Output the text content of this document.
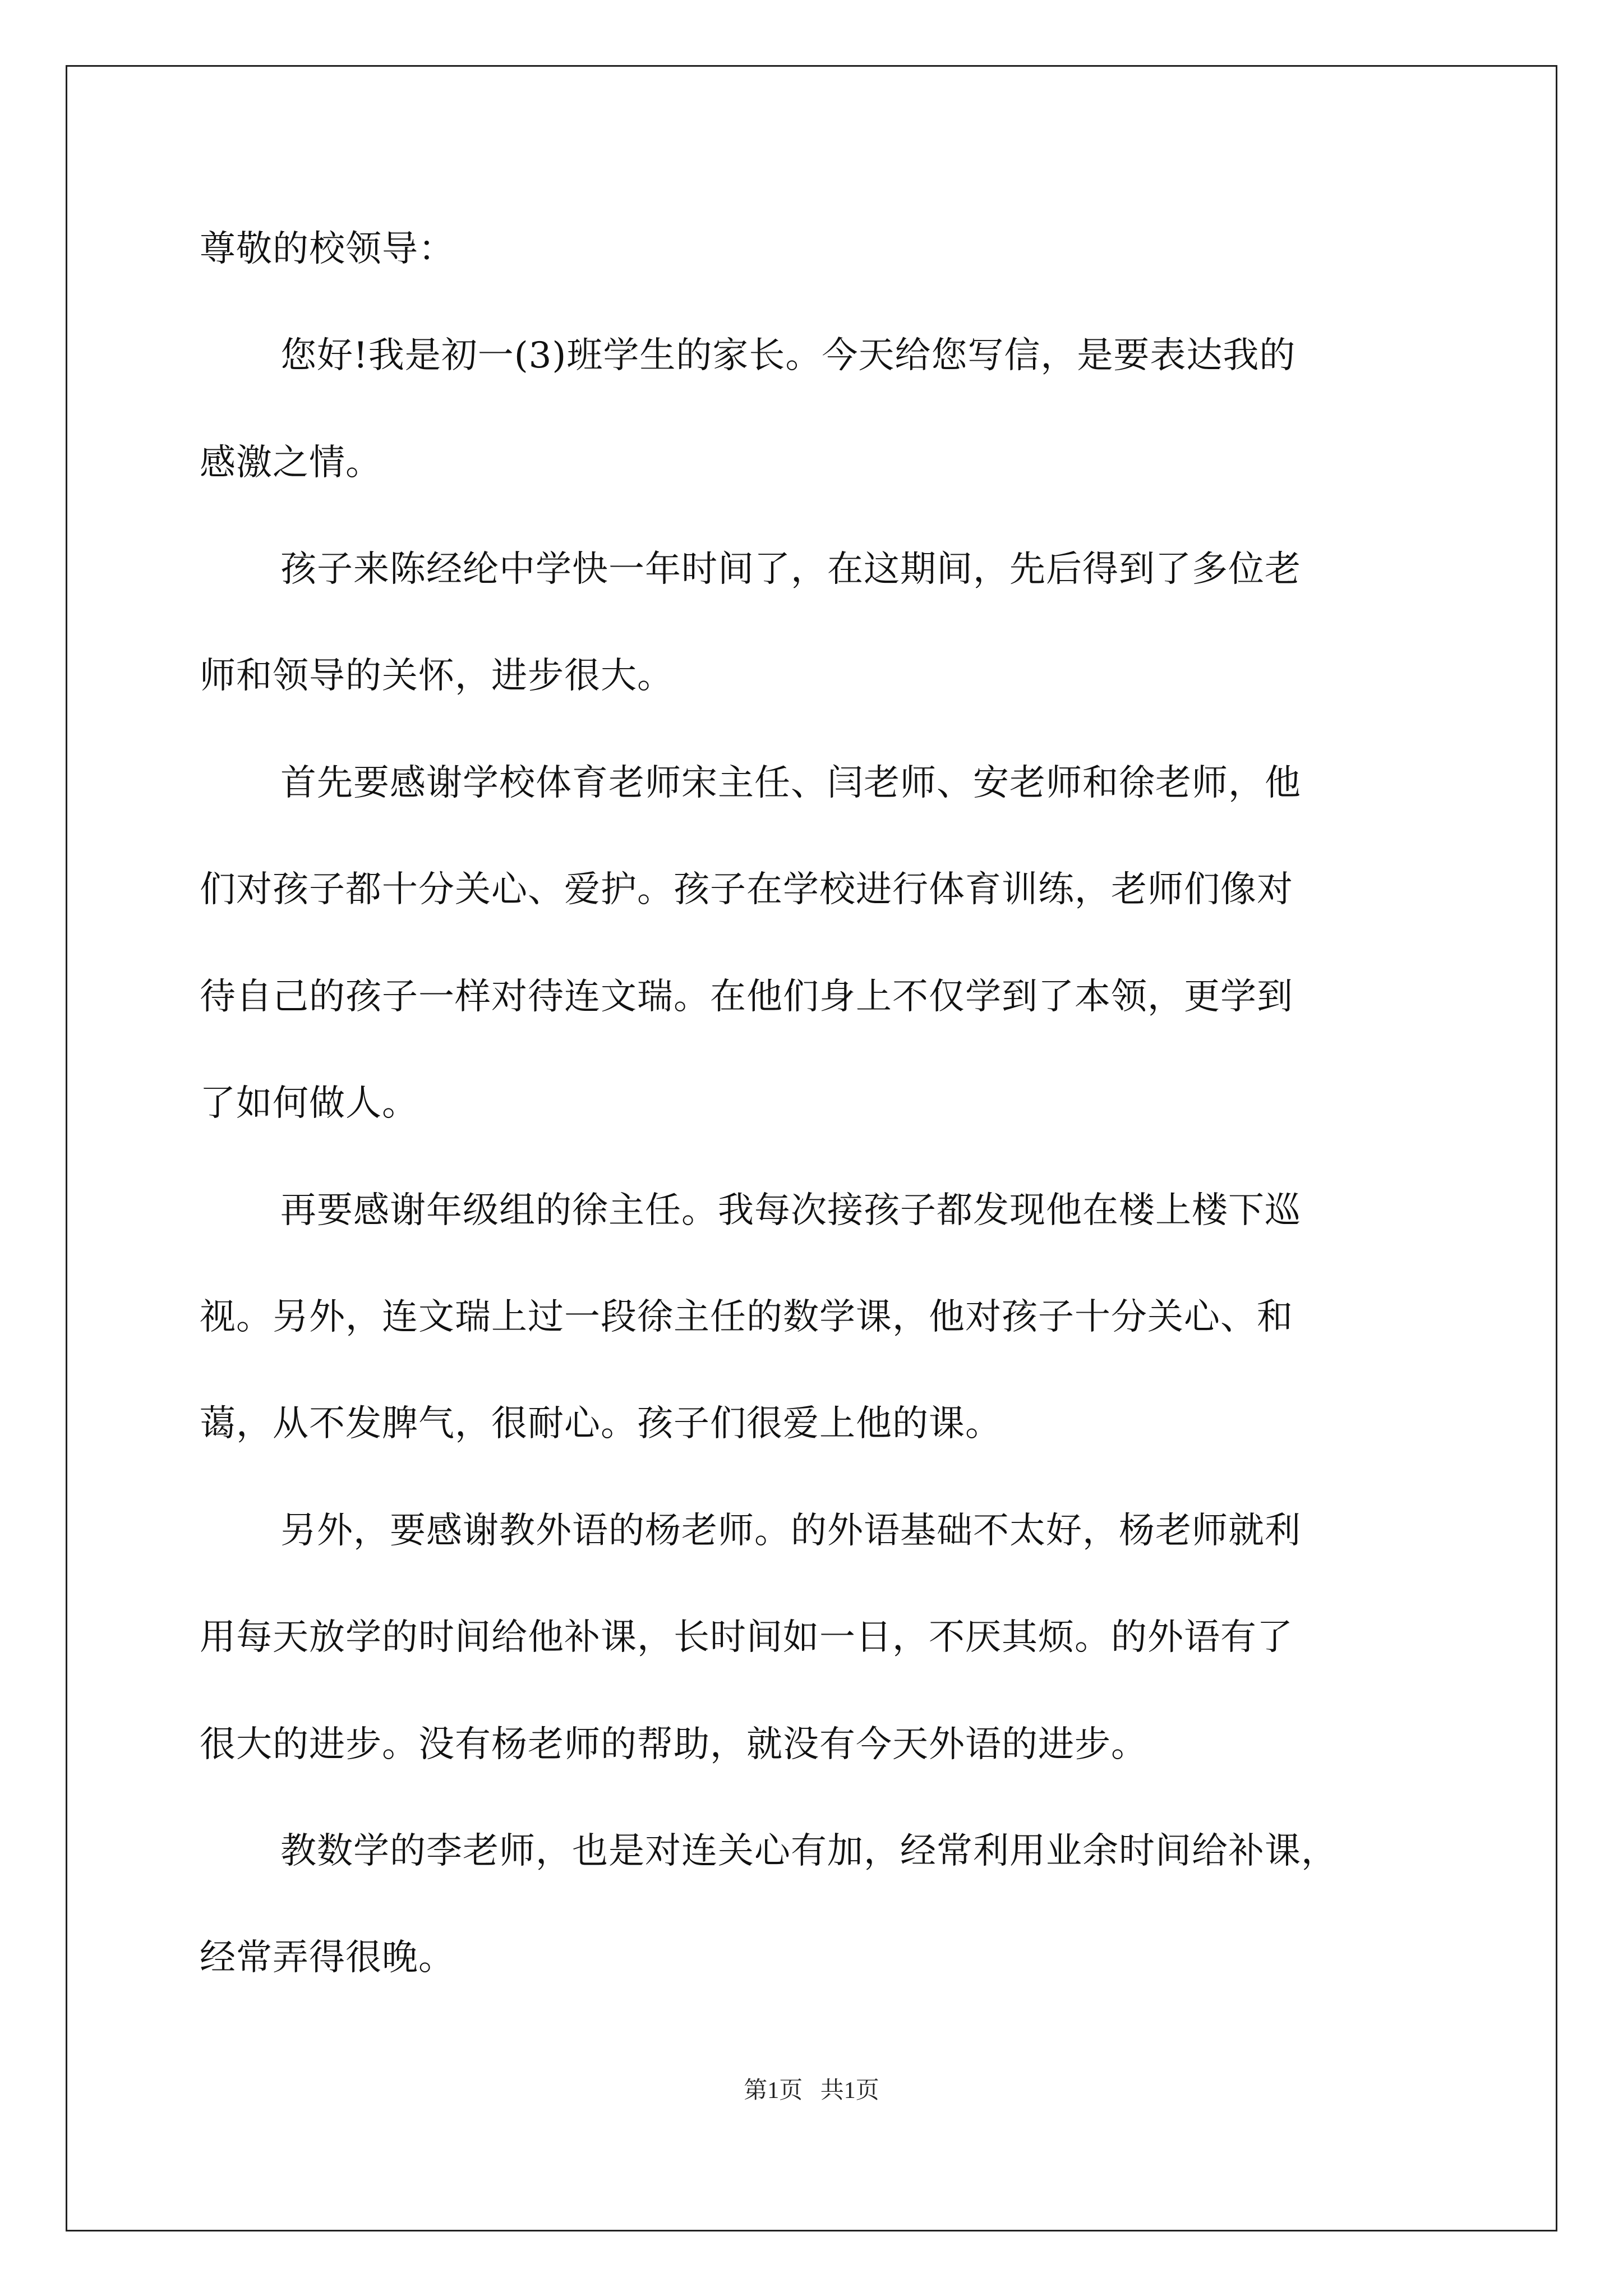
尊敬的校领导：
您好!我是初一(3)班学生的家长。今天给您写信，是要表达我的
感激之情。
孩子来陈经纶中学快一年时间了，在这期间，先后得到了多位老
师和领导的关怀，进步很大。
首先要感谢学校体育老师宋主任、闫老师、安老师和徐老师，他
们对孩子都十分关心、爱护。孩子在学校进行体育训练，老师们像对
待自己的孩子一样对待连文瑞。在他们身上不仅学到了本领，更学到
了如何做人。
再要感谢年级组的徐主任。我每次接孩子都发现他在楼上楼下巡
视。另外，连文瑞上过一段徐主任的数学课，他对孩子十分关心、和
蔼，从不发脾气，很耐心。孩子们很爱上他的课。
另外，要感谢教外语的杨老师。的外语基础不太好，杨老师就利
用每天放学的时间给他补课，长时间如一日，不厌其烦。的外语有了
很大的进步。没有杨老师的帮助，就没有今天外语的进步。
教数学的李老师，也是对连关心有加，经常利用业余时间给补课，
经常弄得很晚。
第1页   共1页
